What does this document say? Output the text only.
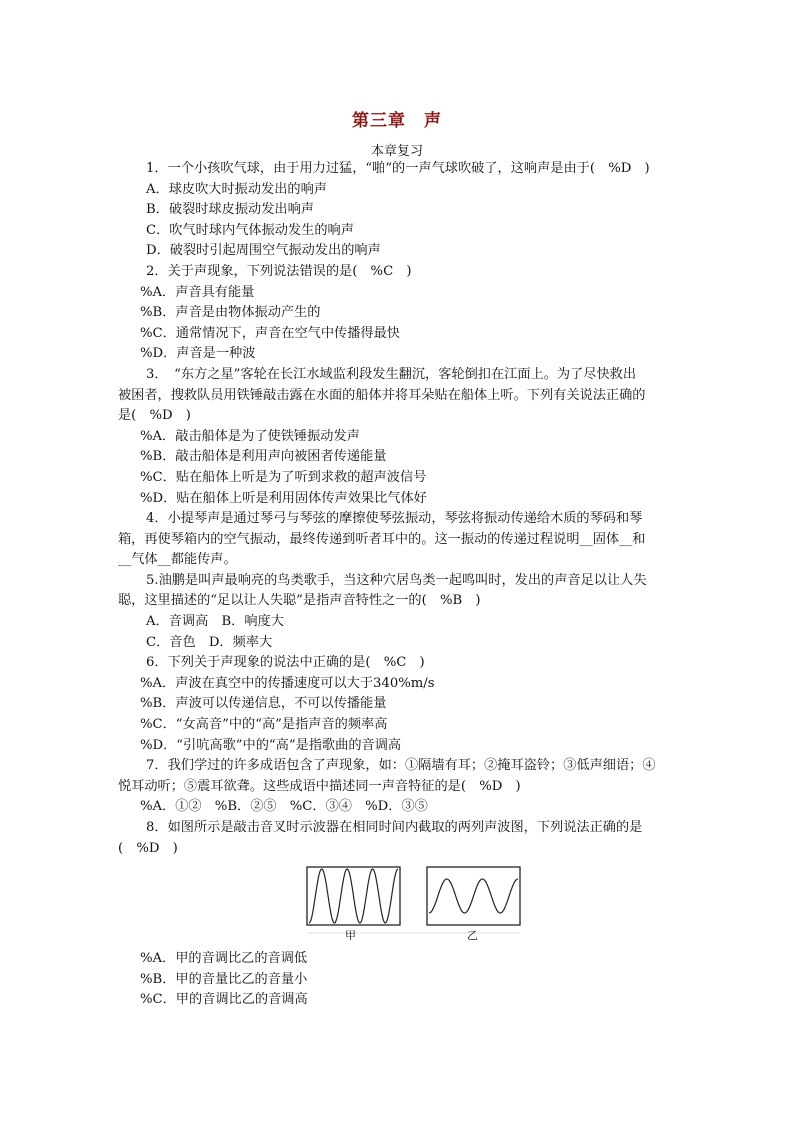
第三章　声
本章复习

1．一个小孩吹气球，由于用力过猛，“啪”的一声气球吹破了，这响声是由于(　%D　)

A．球皮吹大时振动发出的响声

B．破裂时球皮振动发出响声

C．吹气时球内气体振动发生的响声

D．破裂时引起周围空气振动发出的响声

2．关于声现象，下列说法错误的是(　%C　)

%A．声音具有能量

%B．声音是由物体振动产生的

%C．通常情况下，声音在空气中传播得最快

%D．声音是一种波

3．　“东方之星”客轮在长江水域监利段发生翻沉，客轮倒扣在江面上。为了尽快救出

被困者，搜救队员用铁锤敲击露在水面的船体并将耳朵贴在船体上听。下列有关说法正确的

是(　%D　)

%A．敲击船体是为了使铁锤振动发声

%B．敲击船体是利用声向被困者传递能量

%C．贴在船体上听是为了听到求救的超声波信号

%D．贴在船体上听是利用固体传声效果比气体好

4．小提琴声是通过琴弓与琴弦的摩擦使琴弦振动，琴弦将振动传递给木质的琴码和琴

箱，再使琴箱内的空气振动，最终传递到听者耳中的。这一振动的传递过程说明__固体__和

__气体__都能传声。

5.油鹏是叫声最响亮的鸟类歌手，当这种穴居鸟类一起鸣叫时，发出的声音足以让人失

聪，这里描述的“足以让人失聪”是指声音特性之一的(　%B　)

A．音调高　B．响度大

C．音色　D．频率大

6．下列关于声现象的说法中正确的是(　%C　)

%A．声波在真空中的传播速度可以大于340%m/s

%B．声波可以传递信息，不可以传播能量

%C．“女高音”中的“高”是指声音的频率高

%D．“引吭高歌”中的“高”是指歌曲的音调高

7．我们学过的许多成语包含了声现象，如：①隔墙有耳；②掩耳盗铃；③低声细语；④

悦耳动听；⑤震耳欲聋。这些成语中描述同一声音特征的是(　%D　)

%A．①②　%B．②⑤　%C．③④　%D．③⑤

8．如图所示是敲击音叉时示波器在相同时间内截取的两列声波图，下列说法正确的是

(　%D　)

甲	乙

%A．甲的音调比乙的音调低

%B．甲的音量比乙的音量小

%C．甲的音调比乙的音调高
